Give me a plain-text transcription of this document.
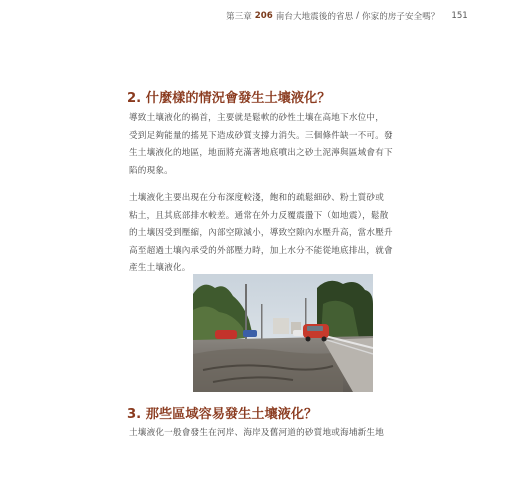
第三章 206 南台大地震後的省思 / 你家的房子安全嗎？ 151
2. 什麼樣的情況會發生土壤液化？

導致土壤液化的禍首，主要就是鬆軟的砂性土壤在高地下水位中，
受到足夠能量的搖晃下造成砂質支撐力消失。三個條件缺一不可。發
生土壤液化的地區，地面將充滿著地底噴出之砂土泥濘與區域會有下
陷的現象。

土壤液化主要出現在分布深度較淺，飽和的疏鬆細砂、粉土質砂或
粘土，且其底部排水較差。通常在外力反覆震盪下（如地震），鬆散
的土壤因受到壓縮，內部空隙減小，導致空隙內水壓升高，當水壓升
高至超過土壤內承受的外部壓力時，加上水分不能從地底排出，就會
產生土壤液化。

3. 那些區域容易發生土壤液化？

土壤液化一般會發生在河岸、海岸及舊河道的砂質地或海埔新生地
